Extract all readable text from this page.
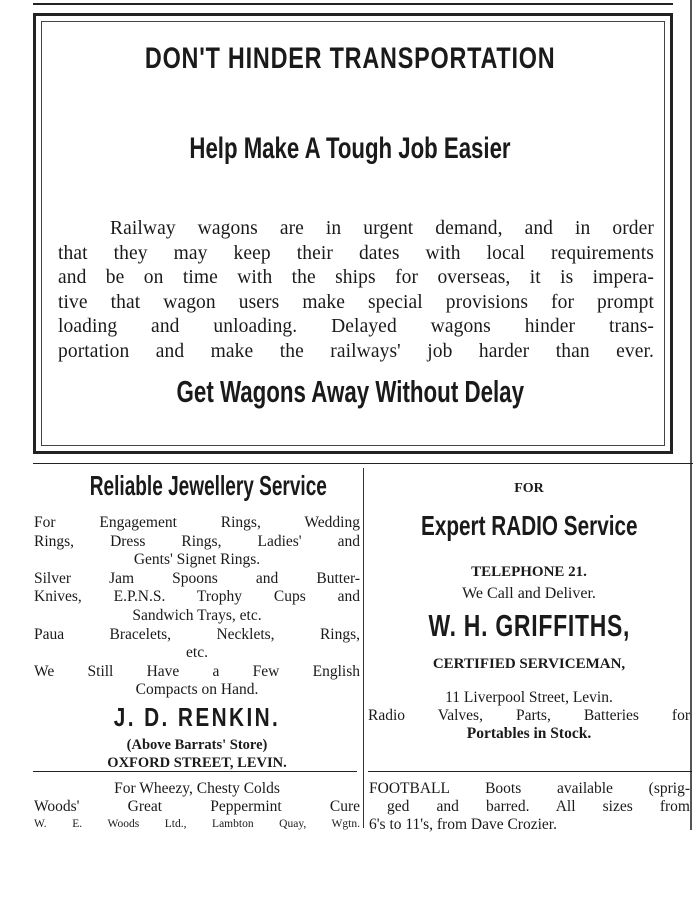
DON'T HINDER TRANSPORTATION
Help Make A Tough Job Easier
Railway wagons are in urgent demand, and in order
that they may keep their dates with local requirements
and be on time with the ships for overseas, it is impera-
tive that wagon users make special provisions for prompt
loading and unloading. Delayed wagons hinder trans-
portation and make the railways' job harder than ever.
Get Wagons Away Without Delay
Reliable Jewellery Service
For Engagement Rings, Wedding
Rings, Dress Rings, Ladies' and
Gents' Signet Rings.
Silver Jam Spoons and Butter-
Knives, E.P.N.S. Trophy Cups and
Sandwich Trays, etc.
Paua Bracelets, Necklets, Rings,
etc.
We Still Have a Few English
Compacts on Hand.
J. D. RENKIN.
(Above Barrats' Store)
OXFORD STREET, LEVIN.
FOR
Expert RADIO Service
TELEPHONE 21.
We Call and Deliver.
W. H. GRIFFITHS,
CERTIFIED SERVICEMAN,
11 Liverpool Street, Levin.
Radio Valves, Parts, Batteries for
Portables in Stock.
For Wheezy, Chesty Colds
Woods' Great Peppermint Cure
W. E. Woods Ltd., Lambton Quay, Wgtn.
FOOTBALL Boots available (sprig-
ged and barred. All sizes from
6's to 11's, from Dave Crozier.
